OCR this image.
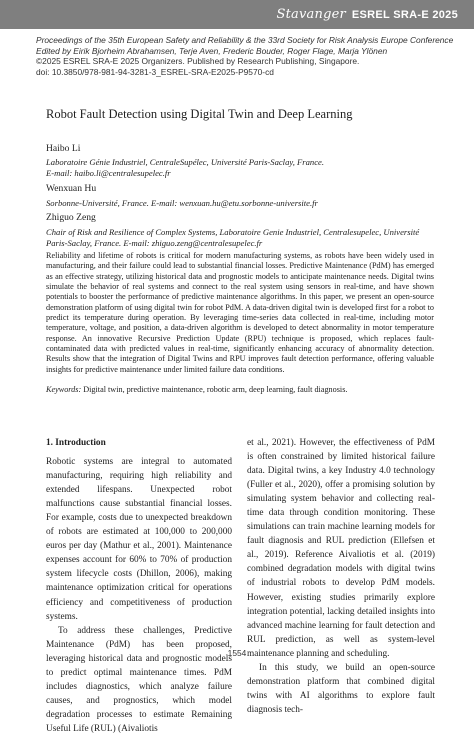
Stavanger ESREL SRA-E 2025
Proceedings of the 35th European Safety and Reliability & the 33rd Society for Risk Analysis Europe Conference
Edited by Eirik Bjorheim Abrahamsen, Terje Aven, Frederic Bouder, Roger Flage, Marja Ylönen
©2025 ESREL SRA-E 2025 Organizers. Published by Research Publishing, Singapore.
doi: 10.3850/978-981-94-3281-3_ESREL-SRA-E2025-P9570-cd
Robot Fault Detection using Digital Twin and Deep Learning
Haibo Li
Laboratoire Génie Industriel, CentraleSupélec, Université Paris-Saclay, France.
E-mail: haibo.li@centralesupelec.fr
Wenxuan Hu
Sorbonne-Université, France. E-mail: wenxuan.hu@etu.sorbonne-universite.fr
Zhiguo Zeng
Chair of Risk and Resilience of Complex Systems, Laboratoire Genie Industriel, Centralesupelec, Université
Paris-Saclay, France. E-mail: zhiguo.zeng@centralesupelec.fr
Reliability and lifetime of robots is critical for modern manufacturing systems, as robots have been widely used in manufacturing, and their failure could lead to substantial financial losses. Predictive Maintenance (PdM) has emerged as an effective strategy, utilizing historical data and prognostic models to anticipate maintenance needs. Digital twins simulate the behavior of real systems and connect to the real system using sensors in real-time, and have shown potentials to booster the performance of predictive maintenance algorithms. In this paper, we present an open-source demonstration platform of using digital twin for robot PdM. A data-driven digital twin is developed first for a robot to predict its temperature during operation. By leveraging time-series data collected in real-time, including motor temperature, voltage, and position, a data-driven algorithm is developed to detect abnormality in motor temperature response. An innovative Recursive Prediction Update (RPU) technique is proposed, which replaces fault-contaminated data with predicted values in real-time, significantly enhancing accuracy of abnormality detection. Results show that the integration of Digital Twins and RPU improves fault detection performance, offering valuable insights for predictive maintenance under limited failure data conditions.
Keywords: Digital twin, predictive maintenance, robotic arm, deep learning, fault diagnosis.
1. Introduction

Robotic systems are integral to automated manufacturing, requiring high reliability and extended lifespans. Unexpected robot malfunctions cause substantial financial losses. For example, costs due to unexpected breakdown of robots are estimated at 100,000 to 200,000 euros per day (Mathur et al., 2001). Maintenance expenses account for 60% to 70% of production system lifecycle costs (Dhillon, 2006), making maintenance optimization critical for operations efficiency and competitiveness of production systems.

To address these challenges, Predictive Maintenance (PdM) has been proposed, leveraging historical data and prognostic models to predict optimal maintenance times. PdM includes diagnostics, which analyze failure causes, and prognostics, which model degradation processes to estimate Remaining Useful Life (RUL) (Aivaliotis

et al., 2021). However, the effectiveness of PdM is often constrained by limited historical failure data. Digital twins, a key Industry 4.0 technology (Fuller et al., 2020), offer a promising solution by simulating system behavior and collecting real-time data through condition monitoring. These simulations can train machine learning models for fault diagnosis and RUL prediction (Ellefsen et al., 2019). Reference Aivaliotis et al. (2019) combined degradation models with digital twins of industrial robots to develop PdM models. However, existing studies primarily explore integration potential, lacking detailed insights into advanced machine learning for fault detection and RUL prediction, as well as system-level maintenance planning and scheduling.

In this study, we build an open-source demonstration platform that combined digital twins with AI algorithms to explore fault diagnosis tech-

1554
